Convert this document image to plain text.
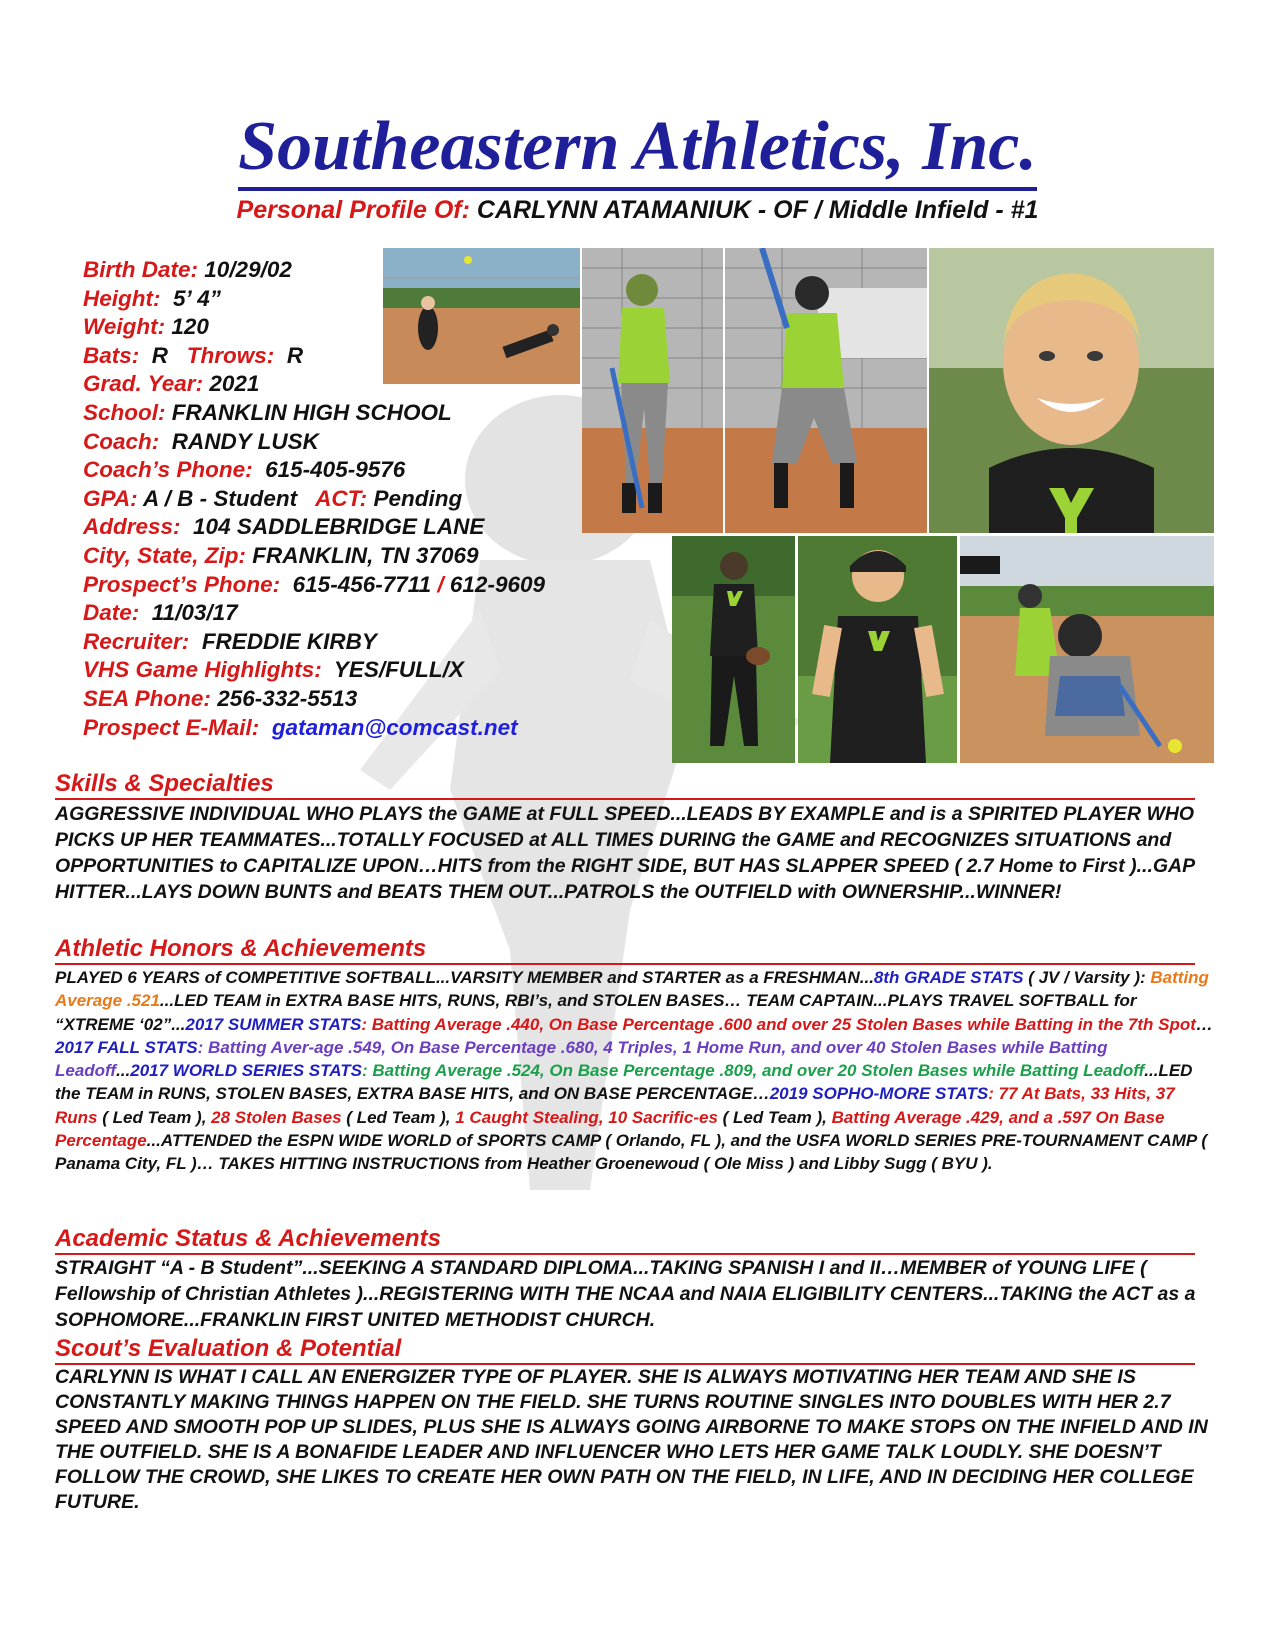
Southeastern Athletics, Inc.
Personal Profile Of: CARLYNN ATAMANIUK - OF / Middle Infield - #1
Birth Date: 10/29/02
Height: 5’ 4”
Weight: 120
Bats: R Throws: R
Grad. Year: 2021
School: FRANKLIN HIGH SCHOOL
Coach: RANDY LUSK
Coach’s Phone: 615-405-9576
GPA: A / B - Student ACT: Pending
Address: 104 SADDLEBRIDGE LANE
City, State, Zip: FRANKLIN, TN 37069
Prospect’s Phone: 615-456-7711 / 612-9609
Date: 11/03/17
Recruiter: FREDDIE KIRBY
VHS Game Highlights: YES/FULL/X
SEA Phone: 256-332-5513
Prospect E-Mail: gataman@comcast.net
Skills & Specialties
AGGRESSIVE INDIVIDUAL WHO PLAYS the GAME at FULL SPEED...LEADS BY EXAMPLE and is a SPIRITED PLAYER WHO PICKS UP HER TEAMMATES...TOTALLY FOCUSED at ALL TIMES DURING the GAME and RECOGNIZES SITUATIONS and OPPORTUNITIES to CAPITALIZE UPON…HITS from the RIGHT SIDE, BUT HAS SLAPPER SPEED ( 2.7 Home to First )...GAP HITTER...LAYS DOWN BUNTS and BEATS THEM OUT...PATROLS the OUTFIELD with OWNERSHIP...WINNER!
Athletic Honors & Achievements
PLAYED 6 YEARS of COMPETITIVE SOFTBALL...VARSITY MEMBER and STARTER as a FRESHMAN...8th GRADE STATS ( JV / Varsity ): Batting Average .521...LED TEAM in EXTRA BASE HITS, RUNS, RBI’s, and STOLEN BASES… TEAM CAPTAIN...PLAYS TRAVEL SOFTBALL for “XTREME ‘02”...2017 SUMMER STATS: Batting Average .440, On Base Percentage .600 and over 25 Stolen Bases while Batting in the 7th Spot… 2017 FALL STATS: Batting Aver-age .549, On Base Percentage .680, 4 Triples, 1 Home Run, and over 40 Stolen Bases while Batting Leadoff...2017 WORLD SERIES STATS: Batting Average .524, On Base Percentage .809, and over 20 Stolen Bases while Batting Leadoff...LED the TEAM in RUNS, STOLEN BASES, EXTRA BASE HITS, and ON BASE PERCENTAGE…2019 SOPHO-MORE STATS: 77 At Bats, 33 Hits, 37 Runs ( Led Team ), 28 Stolen Bases ( Led Team ), 1 Caught Stealing, 10 Sacrific-es ( Led Team ), Batting Average .429, and a .597 On Base Percentage...ATTENDED the ESPN WIDE WORLD of SPORTS CAMP ( Orlando, FL ), and the USFA WORLD SERIES PRE-TOURNAMENT CAMP ( Panama City, FL )… TAKES HITTING INSTRUCTIONS from Heather Groenewoud ( Ole Miss ) and Libby Sugg ( BYU ).
Academic Status & Achievements
STRAIGHT “A - B Student”...SEEKING A STANDARD DIPLOMA...TAKING SPANISH I and II…MEMBER of YOUNG LIFE ( Fellowship of Christian Athletes )...REGISTERING WITH THE NCAA and NAIA ELIGIBILITY CENTERS...TAKING the ACT as a SOPHOMORE...FRANKLIN FIRST UNITED METHODIST CHURCH.
Scout’s Evaluation & Potential
CARLYNN IS WHAT I CALL AN ENERGIZER TYPE OF PLAYER. SHE IS ALWAYS MOTIVATING HER TEAM AND SHE IS CONSTANTLY MAKING THINGS HAPPEN ON THE FIELD. SHE TURNS ROUTINE SINGLES INTO DOUBLES WITH HER 2.7 SPEED AND SMOOTH POP UP SLIDES, PLUS SHE IS ALWAYS GOING AIRBORNE TO MAKE STOPS ON THE INFIELD AND IN THE OUTFIELD. SHE IS A BONAFIDE LEADER AND INFLUENCER WHO LETS HER GAME TALK LOUDLY. SHE DOESN’T FOLLOW THE CROWD, SHE LIKES TO CREATE HER OWN PATH ON THE FIELD, IN LIFE, AND IN DECIDING HER COLLEGE FUTURE.
